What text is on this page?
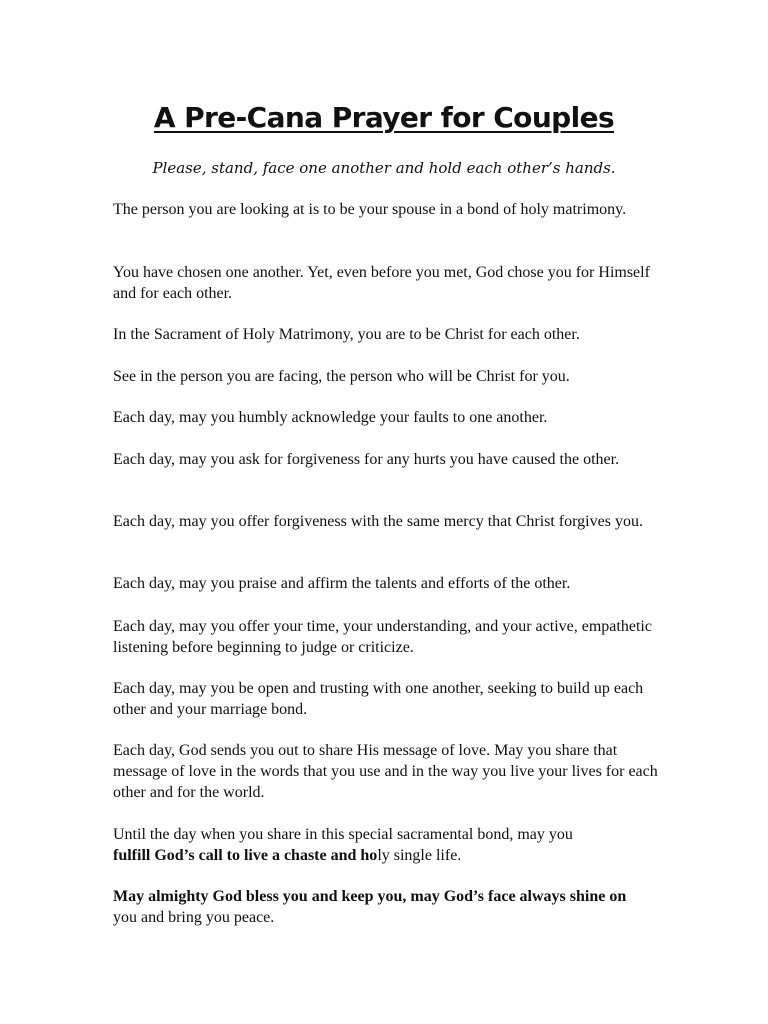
A Pre-Cana Prayer for Couples

Please, stand, face one another and hold each other’s hands.

The person you are looking at is to be your spouse in a bond of holy matrimony.

You have chosen one another. Yet, even before you met, God chose you for Himself and for each other.

In the Sacrament of Holy Matrimony, you are to be Christ for each other.

See in the person you are facing, the person who will be Christ for you.

Each day, may you humbly acknowledge your faults to one another.

Each day, may you ask for forgiveness for any hurts you have caused the other.

Each day, may you offer forgiveness with the same mercy that Christ forgives you.

Each day, may you praise and affirm the talents and efforts of the other.

Each day, may you offer your time, your understanding, and your active, empathetic listening before beginning to judge or criticize.

Each day, may you be open and trusting with one another, seeking to build up each other and your marriage bond.

Each day, God sends you out to share His message of love. May you share that message of love in the words that you use and in the way you live your lives for each other and for the world.

Until the day when you share in this special sacramental bond, may you
fulfill God’s call to live a chaste and holy single life.

May almighty God bless you and keep you, may God’s face always shine on
you and bring you peace.
